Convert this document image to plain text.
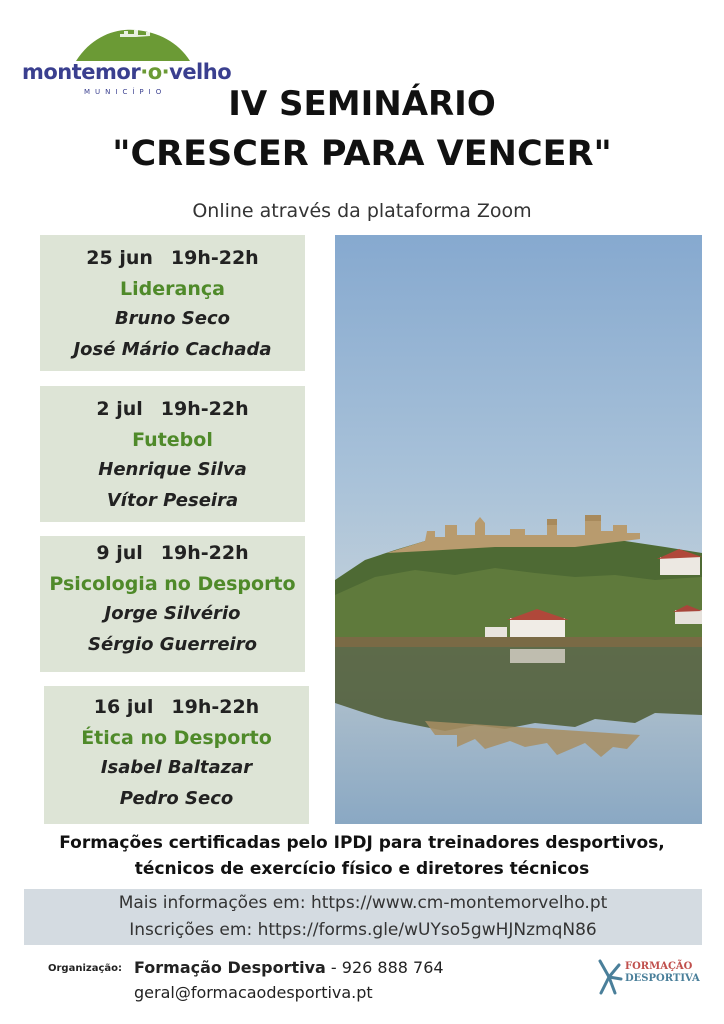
montemor·o·velho
MUNICÍPIO	IV SEMINÁRIO
"CRESCER PARA VENCER"
Online através da plataforma Zoom
25 jun 19h-22h
Liderança
Bruno Seco
José Mário Cachada
2 jul 19h-22h
Futebol
Henrique Silva
Vítor Peseira
9 jul 19h-22h
Psicologia no Desporto
Jorge Silvério
Sérgio Guerreiro
16 jul 19h-22h
Ética no Desporto
Isabel Baltazar
Pedro Seco
Formações certificadas pelo IPDJ para treinadores desportivos,
técnicos de exercício físico e diretores técnicos
Mais informações em: https://www.cm-montemorvelho.pt
Inscrições em: https://forms.gle/wUYso5gwHJNzmqN86
Organização: Formação Desportiva - 926 888 764
geral@formacaodesportiva.pt
FORMAÇÃO
DESPORTIVA
